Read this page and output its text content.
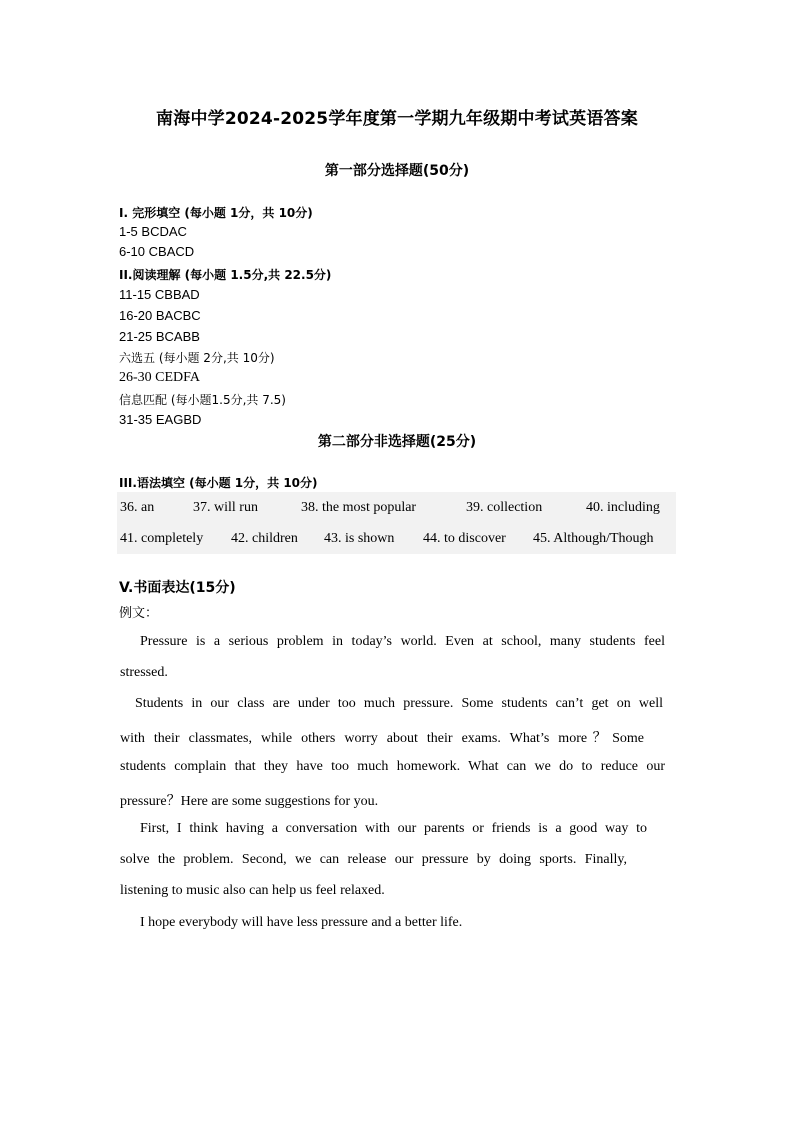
南海中学2024-2025学年度第一学期九年级期中考试英语答案
第一部分选择题(50分)
I. 完形填空 (每小题 1分，共 10分)
1-5 BCDAC
6-10 CBACD
II.阅读理解 (每小题 1.5分,共 22.5分)
11-15 CBBAD
16-20 BACBC
21-25 BCABB
六选五 (每小题 2分,共 10分)
26-30 CEDFA
信息匹配 (每小题1.5分,共 7.5)
31-35 EAGBD
第二部分非选择题(25分)
III.语法填空 (每小题 1分，共 10分)
36. an	37. will run	38. the most popular	39. collection	40. including
41. completely 42. children 43. is shown 44. to discover 45. Although/Though
V.书面表达(15分)
例文：
Pressure is a serious problem in today’s world. Even at school, many students feel
stressed.
Students in our class are under too much pressure. Some students can’t get on well
with their classmates, while others worry about their exams. What’s more？Some
students complain that they have too much homework. What can we do to reduce our
pressure？Here are some suggestions for you.
First, I think having a conversation with our parents or friends is a good way to
solve the problem. Second, we can release our pressure by doing sports. Finally,
listening to music also can help us feel relaxed.
I hope everybody will have less pressure and a better life.
